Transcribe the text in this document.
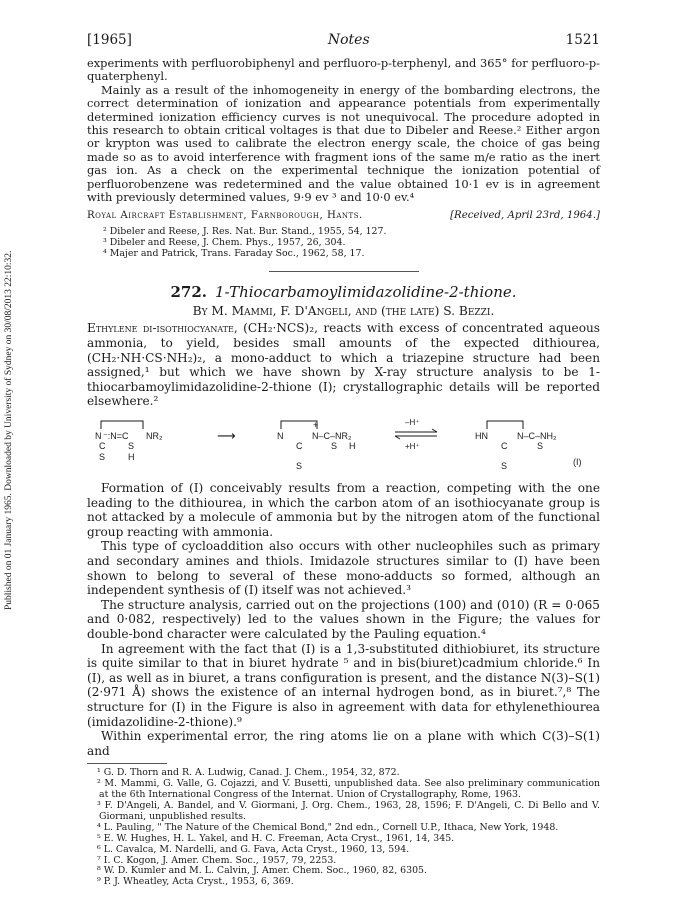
Published on 01 January 1965. Downloaded by University of Sydney on 30/08/2013 22:10:32.
[1965]	Notes	1521

experiments with perfluorobiphenyl and perfluoro-p-terphenyl, and 365° for perfluoro-p-quaterphenyl.

Mainly as a result of the inhomogeneity in energy of the bombarding electrons, the correct determination of ionization and appearance potentials from experimentally determined ionization efficiency curves is not unequivocal. The procedure adopted in this research to obtain critical voltages is that due to Dibeler and Reese.² Either argon or krypton was used to calibrate the electron energy scale, the choice of gas being made so as to avoid interference with fragment ions of the same m/e ratio as the inert gas ion. As a check on the experimental technique the ionization potential of perfluorobenzene was redetermined and the value obtained 10·1 ev is in agreement with previously determined values, 9·9 ev ³ and 10·0 ev.⁴

Royal Aircraft Establishment, Farnborough, Hants.	[Received, April 23rd, 1964.]
² Dibeler and Reese, J. Res. Nat. Bur. Stand., 1955, 54, 127.
³ Dibeler and Reese, J. Chem. Phys., 1957, 26, 304.
⁴ Majer and Patrick, Trans. Faraday Soc., 1962, 58, 17.
272. 1-Thiocarbamoylimidazolidine-2-thione.
By M. Mammi, F. D'Angeli, and (the late) S. Bezzi.

Ethylene di-isothiocyanate, (CH₂·NCS)₂, reacts with excess of concentrated aqueous ammonia, to yield, besides small amounts of the expected dithiourea, (CH₂·NH·CS·NH₂)₂, a mono-adduct to which a triazepine structure had been assigned,¹ but which we have shown by X-ray structure analysis to be 1-thiocarbamoylimidazolidine-2-thione (I); crystallographic details will be reported elsewhere.²

N ⁻:N=C NR₂
C	S
S	H
⟶
+
N	N–C–NR₂
C	S H
S
–H⁺
+H⁺
HN	N–C–NH₂
C	S
S	(I)

Formation of (I) conceivably results from a reaction, competing with the one leading to the dithiourea, in which the carbon atom of an isothiocyanate group is not attacked by a molecule of ammonia but by the nitrogen atom of the functional group reacting with ammonia.

This type of cycloaddition also occurs with other nucleophiles such as primary and secondary amines and thiols. Imidazole structures similar to (I) have been shown to belong to several of these mono-adducts so formed, although an independent synthesis of (I) itself was not achieved.³

The structure analysis, carried out on the projections (100) and (010) (R = 0·065 and 0·082, respectively) led to the values shown in the Figure; the values for double-bond character were calculated by the Pauling equation.⁴

In agreement with the fact that (I) is a 1,3-substituted dithiobiuret, its structure is quite similar to that in biuret hydrate ⁵ and in bis(biuret)cadmium chloride.⁶ In (I), as well as in biuret, a trans configuration is present, and the distance N(3)–S(1) (2·971 Å) shows the existence of an internal hydrogen bond, as in biuret.⁷,⁸ The structure for (I) in the Figure is also in agreement with data for ethylenethiourea (imidazolidine-2-thione).⁹

Within experimental error, the ring atoms lie on a plane with which C(3)–S(1) and

¹ G. D. Thorn and R. A. Ludwig, Canad. J. Chem., 1954, 32, 872.
² M. Mammi, G. Valle, G. Cojazzi, and V. Busetti, unpublished data. See also preliminary communication at the 6th International Congress of the Internat. Union of Crystallography, Rome, 1963.
³ F. D'Angeli, A. Bandel, and V. Giormani, J. Org. Chem., 1963, 28, 1596; F. D'Angeli, C. Di Bello and V. Giormani, unpublished results.
⁴ L. Pauling, " The Nature of the Chemical Bond," 2nd edn., Cornell U.P., Ithaca, New York, 1948.
⁵ E. W. Hughes, H. L. Yakel, and H. C. Freeman, Acta Cryst., 1961, 14, 345.
⁶ L. Cavalca, M. Nardelli, and G. Fava, Acta Cryst., 1960, 13, 594.
⁷ I. C. Kogon, J. Amer. Chem. Soc., 1957, 79, 2253.
⁸ W. D. Kumler and M. L. Calvin, J. Amer. Chem. Soc., 1960, 82, 6305.
⁹ P. J. Wheatley, Acta Cryst., 1953, 6, 369.
